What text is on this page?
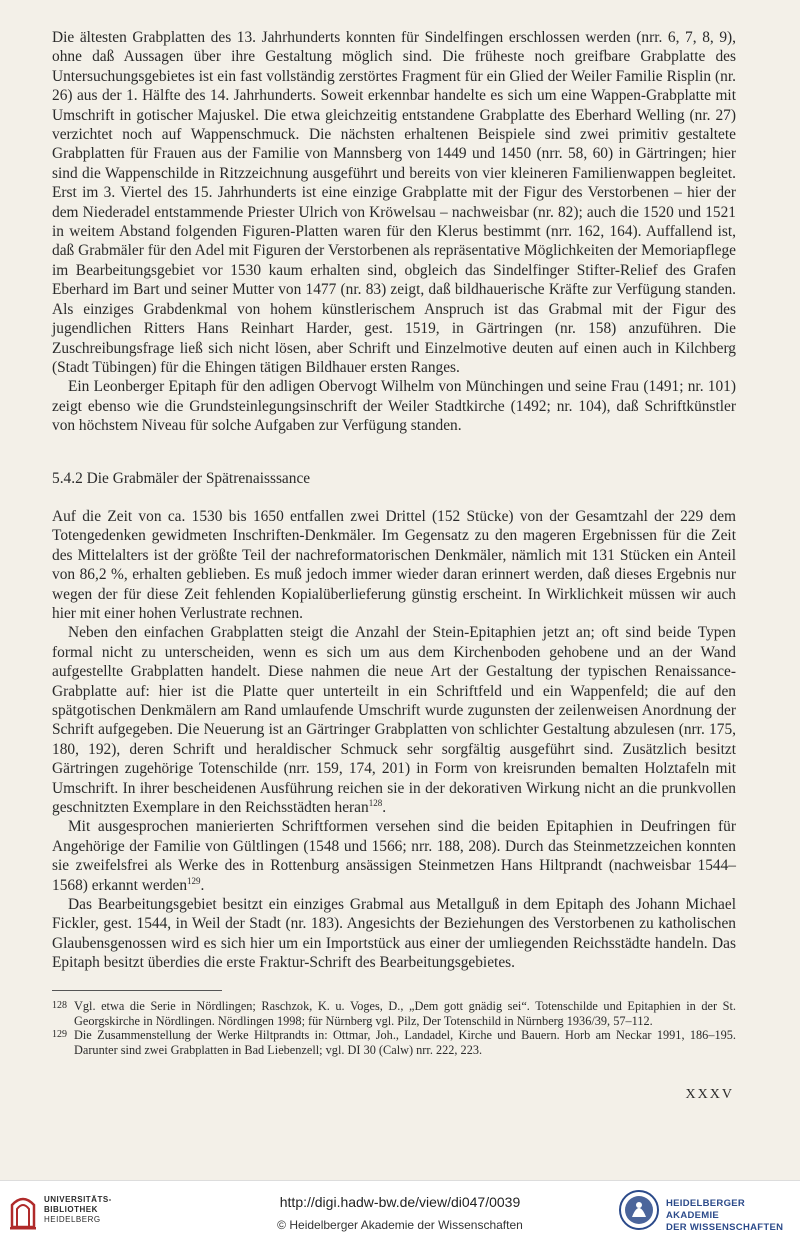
Die ältesten Grabplatten des 13. Jahrhunderts konnten für Sindelfingen erschlossen werden (nrr. 6, 7, 8, 9), ohne daß Aussagen über ihre Gestaltung möglich sind. Die früheste noch greifbare Grabplatte des Untersuchungsgebietes ist ein fast vollständig zerstörtes Fragment für ein Glied der Weiler Familie Risplin (nr. 26) aus der 1. Hälfte des 14. Jahrhunderts. Soweit erkennbar handelte es sich um eine Wappen-Grabplatte mit Umschrift in gotischer Majuskel. Die etwa gleichzeitig entstandene Grabplatte des Eberhard Welling (nr. 27) verzichtet noch auf Wappenschmuck. Die nächsten erhaltenen Beispiele sind zwei primitiv gestaltete Grabplatten für Frauen aus der Familie von Mannsberg von 1449 und 1450 (nrr. 58, 60) in Gärtringen; hier sind die Wappenschilde in Ritzzeichnung ausgeführt und bereits von vier kleineren Familienwappen begleitet. Erst im 3. Viertel des 15. Jahrhunderts ist eine einzige Grabplatte mit der Figur des Verstorbenen – hier der dem Niederadel entstammende Priester Ulrich von Kröwelsau – nachweisbar (nr. 82); auch die 1520 und 1521 in weitem Abstand folgenden Figuren-Platten waren für den Klerus bestimmt (nrr. 162, 164). Auffallend ist, daß Grabmäler für den Adel mit Figuren der Verstorbenen als repräsentative Möglichkeiten der Memoriapflege im Bearbeitungsgebiet vor 1530 kaum erhalten sind, obgleich das Sindelfinger Stifter-Relief des Grafen Eberhard im Bart und seiner Mutter von 1477 (nr. 83) zeigt, daß bildhauerische Kräfte zur Verfügung standen. Als einziges Grabdenkmal von hohem künstlerischem Anspruch ist das Grabmal mit der Figur des jugendlichen Ritters Hans Reinhart Harder, gest. 1519, in Gärtringen (nr. 158) anzuführen. Die Zuschreibungsfrage ließ sich nicht lösen, aber Schrift und Einzelmotive deuten auf einen auch in Kilchberg (Stadt Tübingen) für die Ehingen tätigen Bildhauer ersten Ranges.

Ein Leonberger Epitaph für den adligen Obervogt Wilhelm von Münchingen und seine Frau (1491; nr. 101) zeigt ebenso wie die Grundsteinlegungsinschrift der Weiler Stadtkirche (1492; nr. 104), daß Schriftkünstler von höchstem Niveau für solche Aufgaben zur Verfügung standen.

5.4.2 Die Grabmäler der Spätrenaisssance

Auf die Zeit von ca. 1530 bis 1650 entfallen zwei Drittel (152 Stücke) von der Gesamtzahl der 229 dem Totengedenken gewidmeten Inschriften-Denkmäler. Im Gegensatz zu den mageren Ergebnissen für die Zeit des Mittelalters ist der größte Teil der nachreformatorischen Denkmäler, nämlich mit 131 Stücken ein Anteil von 86,2 %, erhalten geblieben. Es muß jedoch immer wieder daran erinnert werden, daß dieses Ergebnis nur wegen der für diese Zeit fehlenden Kopialüberlieferung günstig erscheint. In Wirklichkeit müssen wir auch hier mit einer hohen Verlustrate rechnen.

Neben den einfachen Grabplatten steigt die Anzahl der Stein-Epitaphien jetzt an; oft sind beide Typen formal nicht zu unterscheiden, wenn es sich um aus dem Kirchenboden gehobene und an der Wand aufgestellte Grabplatten handelt. Diese nahmen die neue Art der Gestaltung der typischen Renaissance-Grabplatte auf: hier ist die Platte quer unterteilt in ein Schriftfeld und ein Wappenfeld; die auf den spätgotischen Denkmälern am Rand umlaufende Umschrift wurde zugunsten der zeilenweisen Anordnung der Schrift aufgegeben. Die Neuerung ist an Gärtringer Grabplatten von schlichter Gestaltung abzulesen (nrr. 175, 180, 192), deren Schrift und heraldischer Schmuck sehr sorgfältig ausgeführt sind. Zusätzlich besitzt Gärtringen zugehörige Totenschilde (nrr. 159, 174, 201) in Form von kreisrunden bemalten Holztafeln mit Umschrift. In ihrer bescheidenen Ausführung reichen sie in der dekorativen Wirkung nicht an die prunkvollen geschnitzten Exemplare in den Reichsstädten heran$^{128}$.

Mit ausgesprochen manierierten Schriftformen versehen sind die beiden Epitaphien in Deufringen für Angehörige der Familie von Gültlingen (1548 und 1566; nrr. 188, 208). Durch das Steinmetzzeichen konnten sie zweifelsfrei als Werke des in Rottenburg ansässigen Steinmetzen Hans Hiltprandt (nachweisbar 1544–1568) erkannt werden$^{129}$.

Das Bearbeitungsgebiet besitzt ein einziges Grabmal aus Metallguß in dem Epitaph des Johann Michael Fickler, gest. 1544, in Weil der Stadt (nr. 183). Angesichts der Beziehungen des Verstorbenen zu katholischen Glaubensgenossen wird es sich hier um ein Importstück aus einer der umliegenden Reichsstädte handeln. Das Epitaph besitzt überdies die erste Fraktur-Schrift des Bearbeitungsgebietes.

128 Vgl. etwa die Serie in Nördlingen; Raschzok, K. u. Voges, D., „Dem gott gnädig sei“. Totenschilde und Epitaphien in der St. Georgskirche in Nördlingen. Nördlingen 1998; für Nürnberg vgl. Pilz, Der Totenschild in Nürnberg 1936/39, 57–112.
129 Die Zusammenstellung der Werke Hiltprandts in: Ottmar, Joh., Landadel, Kirche und Bauern. Horb am Neckar 1991, 186–195. Darunter sind zwei Grabplatten in Bad Liebenzell; vgl. DI 30 (Calw) nrr. 222, 223.
XXXV
UNIVERSITÄTS-
BIBLIOTHEK
HEIDELBERG
http://digi.hadw-bw.de/view/di047/0039
© Heidelberger Akademie der Wissenschaften
HEIDELBERGER AKADEMIE
DER WISSENSCHAFTEN
